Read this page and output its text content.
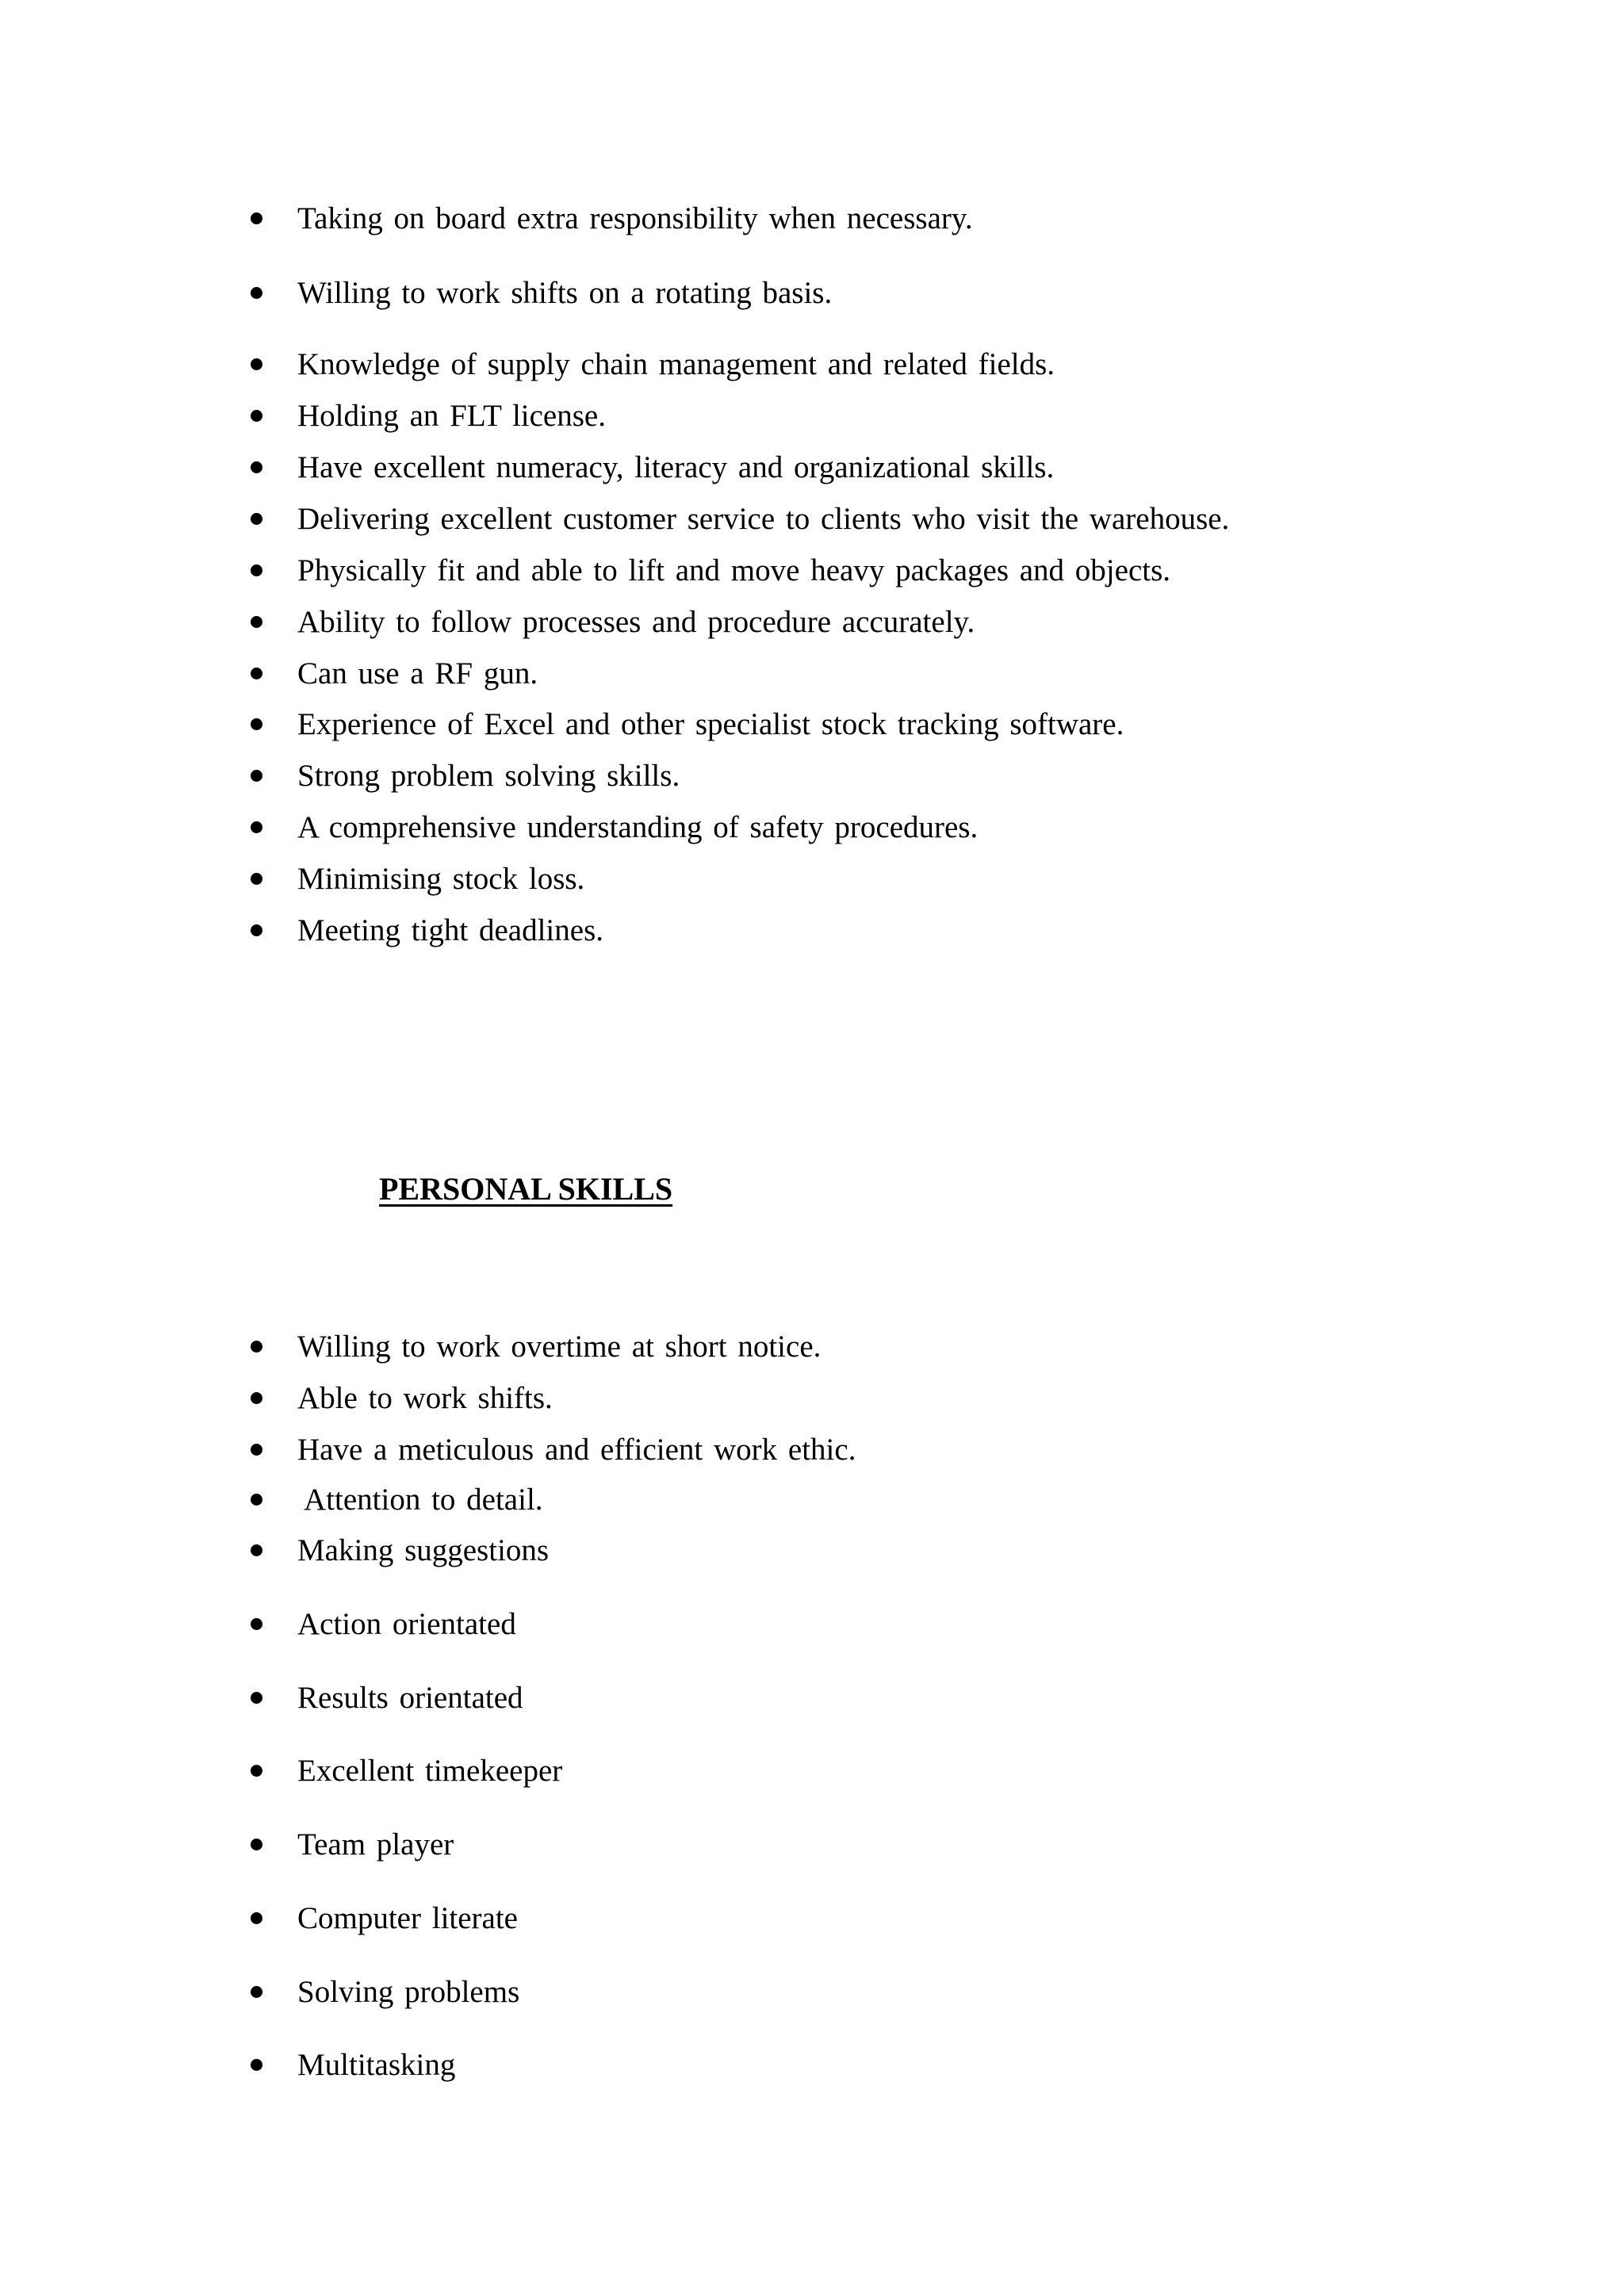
Taking on board extra responsibility when necessary.
Willing to work shifts on a rotating basis.
Knowledge of supply chain management and related fields.
Holding an FLT license.
Have excellent numeracy, literacy and organizational skills.
Delivering excellent customer service to clients who visit the warehouse.
Physically fit and able to lift and move heavy packages and objects.
Ability to follow processes and procedure accurately.
Can use a RF gun.
Experience of Excel and other specialist stock tracking software.
Strong problem solving skills.
A comprehensive understanding of safety procedures.
Minimising stock loss.
Meeting tight deadlines.
PERSONAL SKILLS
Willing to work overtime at short notice.
Able to work shifts.
Have a meticulous and efficient work ethic.
Attention to detail.
Making suggestions
Action orientated
Results orientated
Excellent timekeeper
Team player
Computer literate
Solving problems
Multitasking
